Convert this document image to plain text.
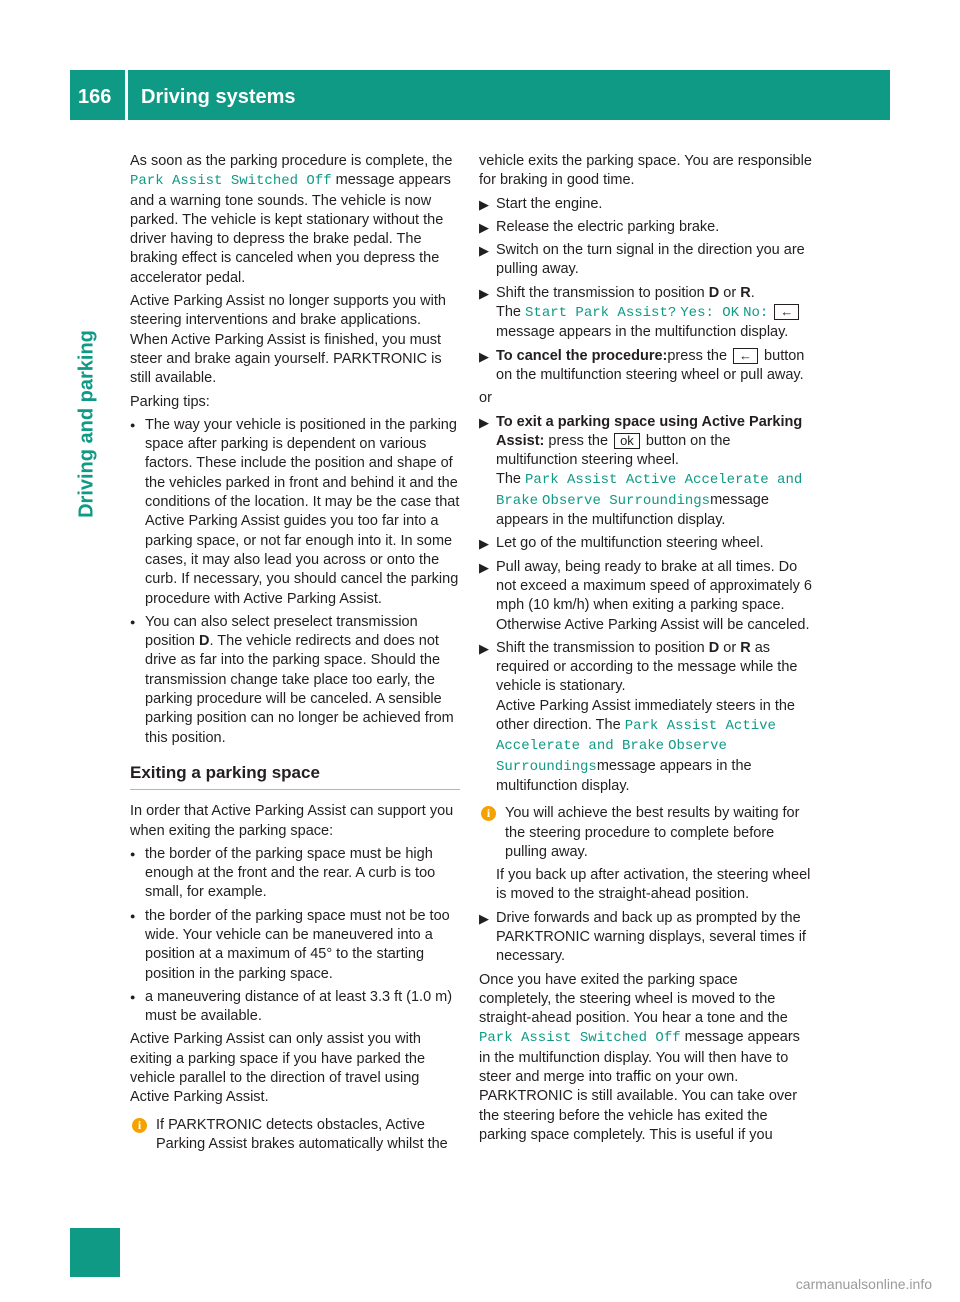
166 Driving systems
Driving and parking

As soon as the parking procedure is complete, the Park Assist Switched Off message appears and a warning tone sounds. The vehicle is now parked. The vehicle is kept stationary without the driver having to depress the brake pedal. The braking effect is canceled when you depress the accelerator pedal.

Active Parking Assist no longer supports you with steering interventions and brake applications. When Active Parking Assist is finished, you must steer and brake again yourself. PARKTRONIC is still available.

Parking tips:

● The way your vehicle is positioned in the parking space after parking is dependent on various factors. These include the position and shape of the vehicles parked in front and behind it and the conditions of the location. It may be the case that Active Parking Assist guides you too far into a parking space, or not far enough into it. In some cases, it may also lead you across or onto the curb. If necessary, you should cancel the parking procedure with Active Parking Assist.
● You can also select preselect transmission position D. The vehicle redirects and does not drive as far into the parking space. Should the transmission change take place too early, the parking procedure will be canceled. A sensible parking position can no longer be achieved from this position.
Exiting a parking space

In order that Active Parking Assist can support you when exiting the parking space:

● the border of the parking space must be high enough at the front and the rear. A curb is too small, for example.
● the border of the parking space must not be too wide. Your vehicle can be maneuvered into a position at a maximum of 45° to the starting position in the parking space.
● a maneuvering distance of at least 3.3 ft (1.0 m) must be available.

Active Parking Assist can only assist you with exiting a parking space if you have parked the vehicle parallel to the direction of travel using Active Parking Assist.

i	If PARKTRONIC detects obstacles, Active Parking Assist brakes automatically whilst the

vehicle exits the parking space. You are responsible for braking in good time.

▶ Start the engine.
▶ Release the electric parking brake.
▶ Switch on the turn signal in the direction you are pulling away.
▶ Shift the transmission to position D or R.
The Start Park Assist? Yes: OK No: ← message appears in the multifunction display.
▶ To cancel the procedure:press the ← button on the multifunction steering wheel or pull away.

or

▶ To exit a parking space using Active Parking Assist: press the ok button on the multifunction steering wheel.
The Park Assist Active Accelerate and Brake Observe Surroundingsmessage appears in the multifunction display.
▶ Let go of the multifunction steering wheel.
▶ Pull away, being ready to brake at all times. Do not exceed a maximum speed of approximately 6 mph (10 km/h) when exiting a parking space. Otherwise Active Parking Assist will be canceled.
▶ Shift the transmission to position D or R as required or according to the message while the vehicle is stationary.
Active Parking Assist immediately steers in the other direction. The Park Assist Active Accelerate and Brake Observe Surroundingsmessage appears in the multifunction display.
i	You will achieve the best results by waiting for the steering procedure to complete before pulling away.

If you back up after activation, the steering wheel is moved to the straight-ahead position.

▶ Drive forwards and back up as prompted by the PARKTRONIC warning displays, several times if necessary.

Once you have exited the parking space completely, the steering wheel is moved to the straight-ahead position. You hear a tone and the Park Assist Switched Off message appears in the multifunction display. You will then have to steer and merge into traffic on your own. PARKTRONIC is still available. You can take over the steering before the vehicle has exited the parking space completely. This is useful if you

carmanualsonline.info
